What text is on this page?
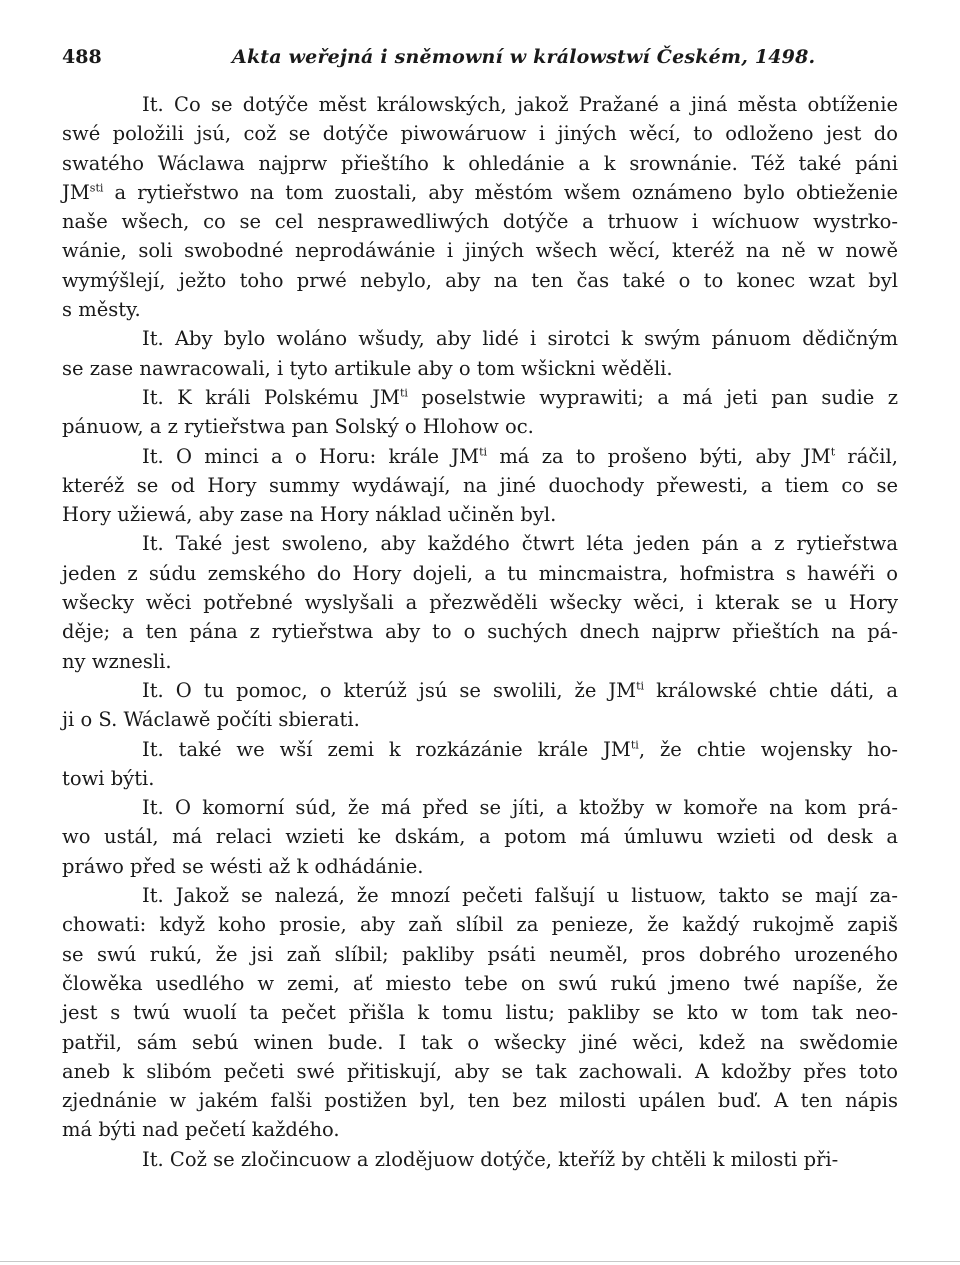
488	Akta weřejná i sněmowní w králowstwí Českém, 1498.
It. Co se dotýče měst králowských, jakož Pražané a jiná města obtíženie
swé položili jsú, což se dotýče piwowáruow i jiných wěcí, to odloženo jest do
swatého Wáclawa najprw přieštího k ohledánie a k srownánie. Též také páni
$JM^{sti}$ a rytieřstwo na tom zuostali, aby městóm wšem oznámeno bylo obtieženie
naše wšech, co se cel nesprawedliwých dotýče a trhuow i wíchuow wystrko-
wánie, soli swobodné neprodáwánie i jiných wšech wěcí, kteréž na ně w nowě
wymýšlejí, ježto toho prwé nebylo, aby na ten čas také o to konec wzat byl
s městy.
It. Aby bylo woláno wšudy, aby lidé i sirotci k swým pánuom dědičným
se zase nawracowali, i tyto artikule aby o tom wšickni wěděli.
It. K králi Polskému $JM^{ti}$ poselstwie wyprawiti; a má jeti pan sudie z
pánuow, a z rytieřstwa pan Solský o Hlohow oc.
It. O minci a o Horu: krále $JM^{ti}$ má za to prošeno býti, aby $JM^t$ ráčil,
kteréž se od Hory summy wydáwají, na jiné duochody přewesti, a tiem co se
Hory užiewá, aby zase na Hory náklad učiněn byl.
It. Také jest swoleno, aby každého čtwrt léta jeden pán a z rytieřstwa
jeden z súdu zemského do Hory dojeli, a tu mincmaistra, hofmistra s hawéři o
wšecky wěci potřebné wyslyšali a přezwěděli wšecky wěci, i kterak se u Hory
děje; a ten pána z rytieřstwa aby to o suchých dnech najprw přieštích na pá-
ny wznesli.
It. O tu pomoc, o kterúž jsú se swolili, že $JM^{ti}$ králowské chtie dáti, a
ji o S. Wáclawě počíti sbierati.
It. také we wší zemi k rozkázánie krále $JM^{ti}$, že chtie wojensky ho-
towi býti.
It. O komorní súd, že má před se jíti, a ktožby w komoře na kom prá-
wo ustál, má relaci wzieti ke dskám, a potom má úmluwu wzieti od desk a
práwo před se wésti až k odhádánie.
It. Jakož se nalezá, že mnozí pečeti falšují u listuow, takto se mají za-
chowati: když koho prosie, aby zaň slíbil za penieze, že každý rukojmě zapiš
se swú rukú, že jsi zaň slíbil; pakliby psáti neuměl, pros dobrého urozeného
člowěka usedlého w zemi, ať miesto tebe on swú rukú jmeno twé napíše, že
jest s twú wuolí ta pečet přišla k tomu listu; pakliby se kto w tom tak neo-
patřil, sám sebú winen bude. I tak o wšecky jiné wěci, kdež na swědomie
aneb k slibóm pečeti swé přitiskují, aby se tak zachowali. A kdožby přes toto
zjednánie w jakém falši postižen byl, ten bez milosti upálen buď. A ten nápis
má býti nad pečetí každého.
It. Což se zločincuow a zlodějuow dotýče, kteříž by chtěli k milosti při-
